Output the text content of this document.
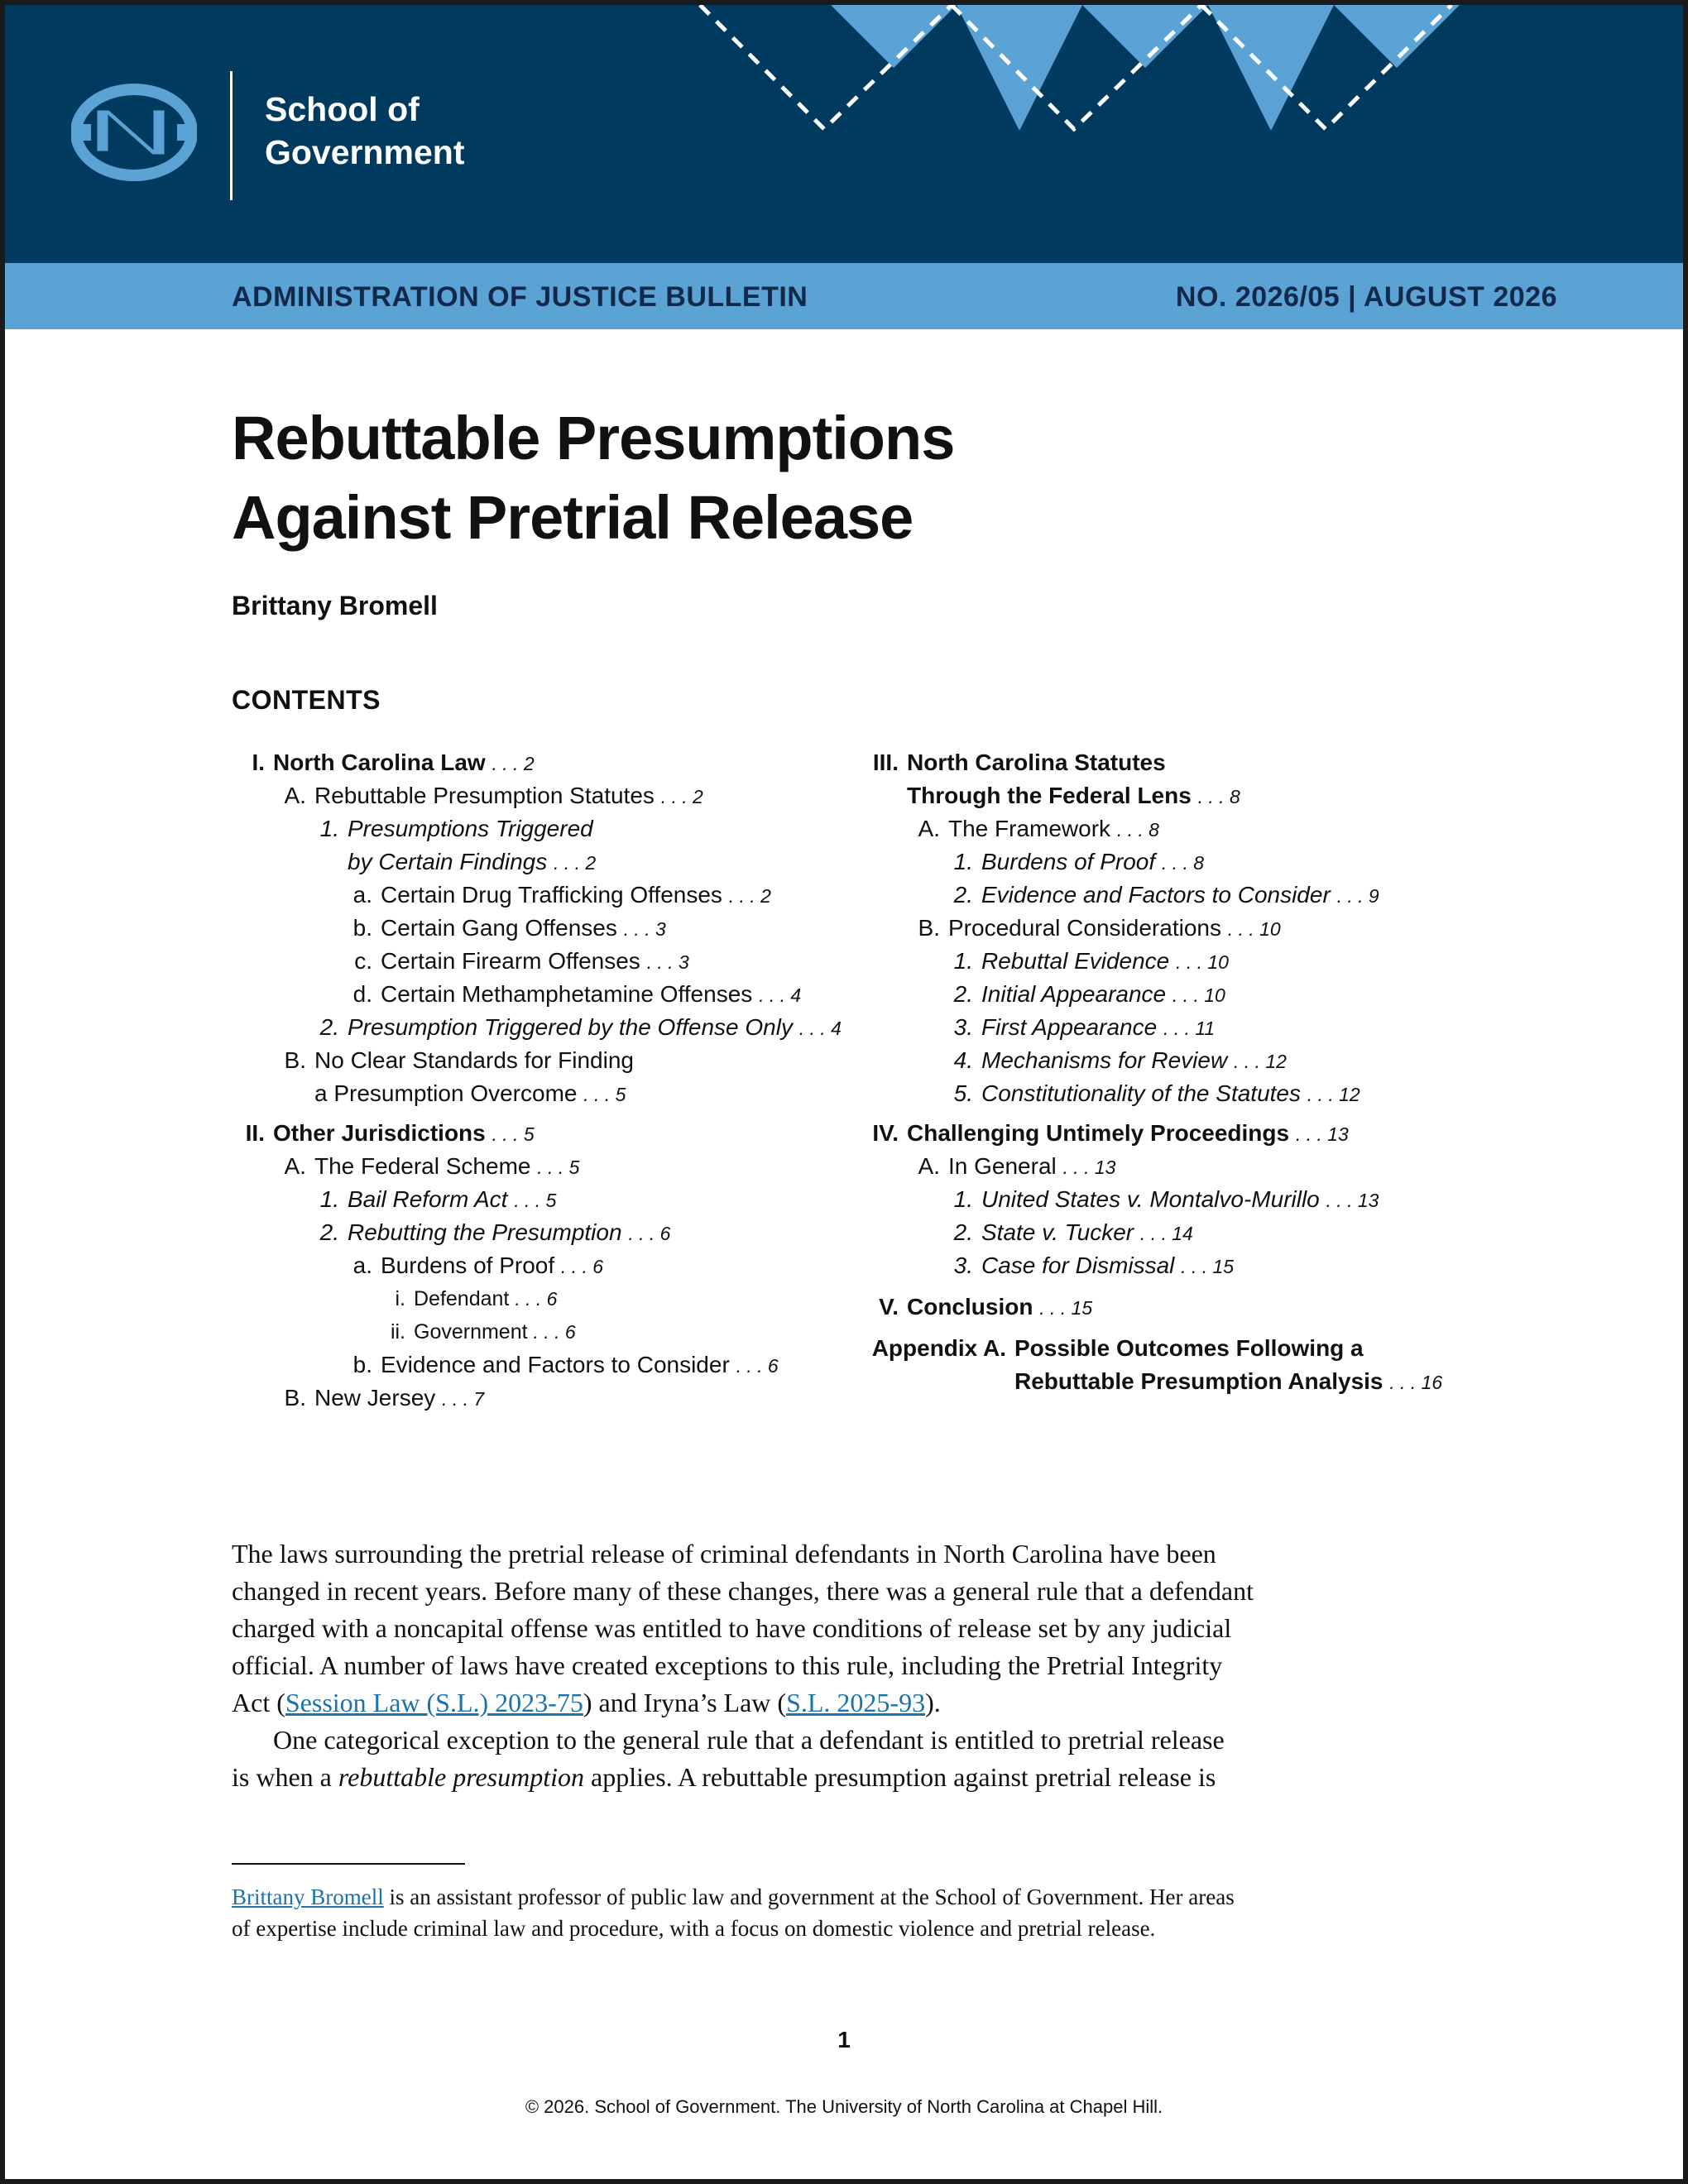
School of
Government
ADMINISTRATION OF JUSTICE BULLETIN	NO. 2026/05 | AUGUST 2026
Rebuttable Presumptions
Against Pretrial Release
Brittany Bromell
CONTENTS
I. North Carolina Law . . . 2
A. Rebuttable Presumption Statutes . . . 2
1. Presumptions Triggered
by Certain Findings . . . 2
a. Certain Drug Trafficking Offenses . . . 2
b. Certain Gang Offenses . . . 3
c. Certain Firearm Offenses . . . 3
d. Certain Methamphetamine Offenses . . . 4
2. Presumption Triggered by the Offense Only . . . 4
B. No Clear Standards for Finding
a Presumption Overcome . . . 5
II. Other Jurisdictions . . . 5
A. The Federal Scheme . . . 5
1. Bail Reform Act . . . 5
2. Rebutting the Presumption . . . 6
a. Burdens of Proof . . . 6
i. Defendant . . . 6
ii. Government . . . 6
b. Evidence and Factors to Consider . . . 6
B. New Jersey . . . 7
III. North Carolina Statutes
Through the Federal Lens . . . 8
A. The Framework . . . 8
1. Burdens of Proof . . . 8
2. Evidence and Factors to Consider . . . 9
B. Procedural Considerations . . . 10
1. Rebuttal Evidence . . . 10
2. Initial Appearance . . . 10
3. First Appearance . . . 11
4. Mechanisms for Review . . . 12
5. Constitutionality of the Statutes . . . 12
IV. Challenging Untimely Proceedings . . . 13
A. In General . . . 13
1. United States v. Montalvo-Murillo . . . 13
2. State v. Tucker . . . 14
3. Case for Dismissal . . . 15
V. Conclusion . . . 15
Appendix A. Possible Outcomes Following a
Rebuttable Presumption Analysis . . . 16
The laws surrounding the pretrial release of criminal defendants in North Carolina have been
changed in recent years. Before many of these changes, there was a general rule that a defendant
charged with a noncapital offense was entitled to have conditions of release set by any judicial
official. A number of laws have created exceptions to this rule, including the Pretrial Integrity
Act (Session Law (S.L.) 2023-75) and Iryna’s Law (S.L. 2025-93).
One categorical exception to the general rule that a defendant is entitled to pretrial release
is when a rebuttable presumption applies. A rebuttable presumption against pretrial release is
Brittany Bromell is an assistant professor of public law and government at the School of Government. Her areas
of expertise include criminal law and procedure, with a focus on domestic violence and pretrial release.
1
© 2026. School of Government. The University of North Carolina at Chapel Hill.
